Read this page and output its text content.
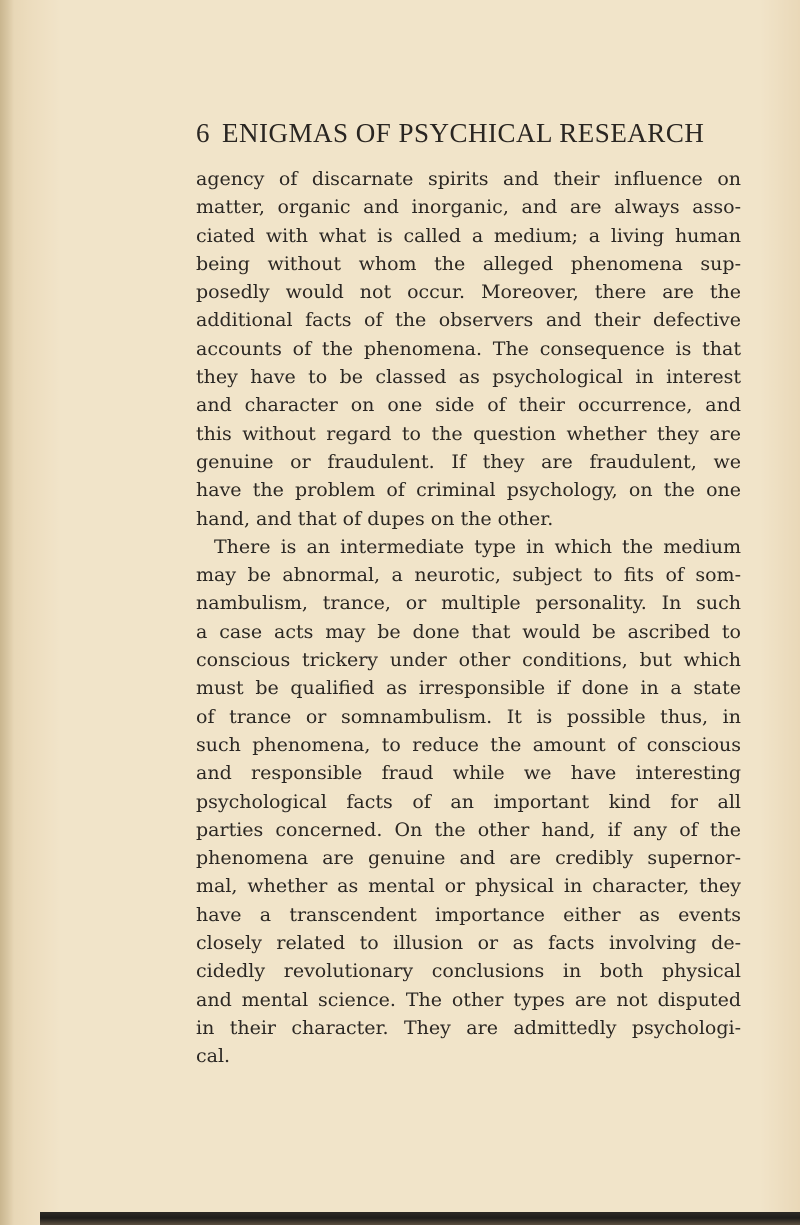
6 ENIGMAS OF PSYCHICAL RESEARCH
agency of discarnate spirits and their influence on
matter, organic and inorganic, and are always asso-
ciated with what is called a medium; a living human
being without whom the alleged phenomena sup-
posedly would not occur. Moreover, there are the
additional facts of the observers and their defective
accounts of the phenomena. The consequence is that
they have to be classed as psychological in interest
and character on one side of their occurrence, and
this without regard to the question whether they are
genuine or fraudulent. If they are fraudulent, we
have the problem of criminal psychology, on the one
hand, and that of dupes on the other.
There is an intermediate type in which the medium
may be abnormal, a neurotic, subject to fits of som-
nambulism, trance, or multiple personality. In such
a case acts may be done that would be ascribed to
conscious trickery under other conditions, but which
must be qualified as irresponsible if done in a state
of trance or somnambulism. It is possible thus, in
such phenomena, to reduce the amount of conscious
and responsible fraud while we have interesting
psychological facts of an important kind for all
parties concerned. On the other hand, if any of the
phenomena are genuine and are credibly supernor-
mal, whether as mental or physical in character, they
have a transcendent importance either as events
closely related to illusion or as facts involving de-
cidedly revolutionary conclusions in both physical
and mental science. The other types are not disputed
in their character. They are admittedly psychologi-
cal.
